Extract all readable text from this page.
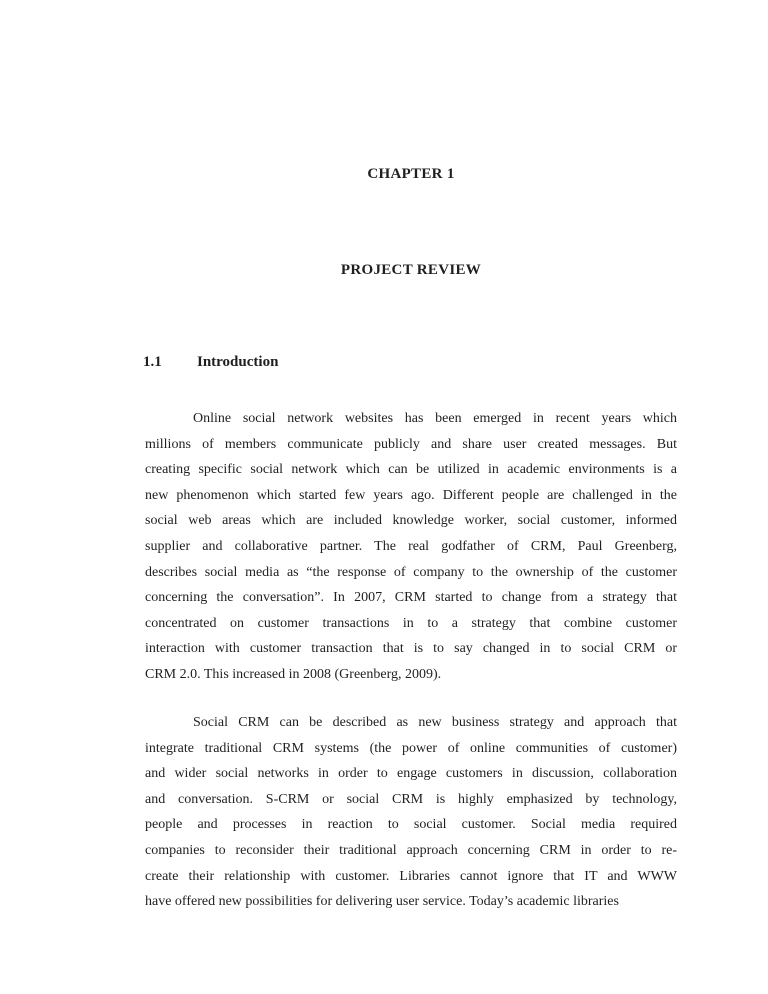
CHAPTER 1
PROJECT REVIEW
1.1 Introduction
Online social network websites has been emerged in recent years which
millions of members communicate publicly and share user created messages. But
creating specific social network which can be utilized in academic environments is a
new phenomenon which started few years ago. Different people are challenged in the
social web areas which are included knowledge worker, social customer, informed
supplier and collaborative partner. The real godfather of CRM, Paul Greenberg,
describes social media as “the response of company to the ownership of the customer
concerning the conversation”. In 2007, CRM started to change from a strategy that
concentrated on customer transactions in to a strategy that combine customer
interaction with customer transaction that is to say changed in to social CRM or
CRM 2.0. This increased in 2008 (Greenberg, 2009).
Social CRM can be described as new business strategy and approach that
integrate traditional CRM systems (the power of online communities of customer)
and wider social networks in order to engage customers in discussion, collaboration
and conversation. S-CRM or social CRM is highly emphasized by technology,
people and processes in reaction to social customer. Social media required
companies to reconsider their traditional approach concerning CRM in order to re-
create their relationship with customer. Libraries cannot ignore that IT and WWW
have offered new possibilities for delivering user service. Today’s academic libraries
